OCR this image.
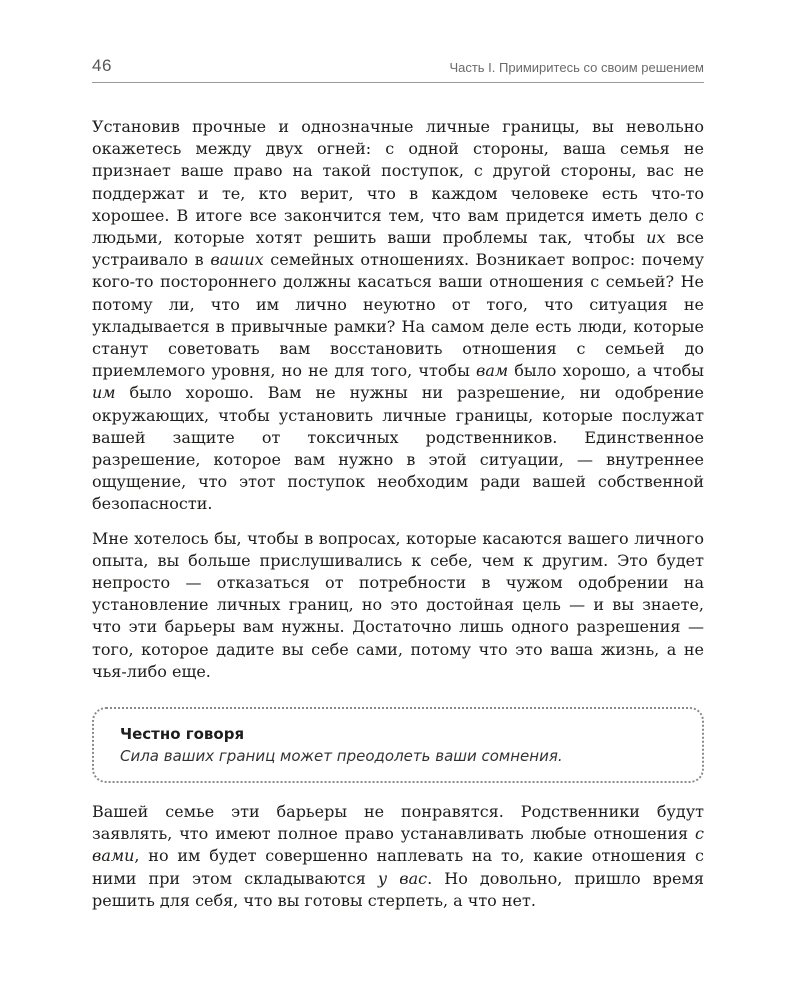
46	Часть I. Примиритесь со своим решением

Установив прочные и однозначные личные границы, вы невольно окажетесь между двух огней: с одной стороны, ваша семья не признает ваше право на такой поступок, с другой стороны, вас не поддержат и те, кто верит, что в каждом человеке есть что-то хорошее. В итоге все закончится тем, что вам придется иметь дело с людьми, которые хотят решить ваши проблемы так, чтобы их все устраивало в ваших семейных отношениях. Возникает вопрос: почему кого-то постороннего должны касаться ваши отношения с семьей? Не потому ли, что им лично неуютно от того, что ситуация не укладывается в привычные рамки? На самом деле есть люди, которые станут советовать вам восстановить отношения с семьей до приемлемого уровня, но не для того, чтобы вам было хорошо, а чтобы им было хорошо. Вам не нужны ни разрешение, ни одобрение окружающих, чтобы установить личные границы, которые послужат вашей защите от токсичных родственников. Единственное разрешение, которое вам нужно в этой ситуации, — внутреннее ощущение, что этот поступок необходим ради вашей собственной безопасности.

Мне хотелось бы, чтобы в вопросах, которые касаются вашего личного опыта, вы больше прислушивались к себе, чем к другим. Это будет непросто — отказаться от потребности в чужом одобрении на установление личных границ, но это достойная цель — и вы знаете, что эти барьеры вам нужны. Достаточно лишь одного разрешения — того, которое дадите вы себе сами, потому что это ваша жизнь, а не чья-либо еще.

Честно говоря
Сила ваших границ может преодолеть ваши сомнения.

Вашей семье эти барьеры не понравятся. Родственники будут заявлять, что имеют полное право устанавливать любые отношения с вами, но им будет совершенно наплевать на то, какие отношения с ними при этом складываются у вас. Но довольно, пришло время решить для себя, что вы готовы стерпеть, а что нет.
